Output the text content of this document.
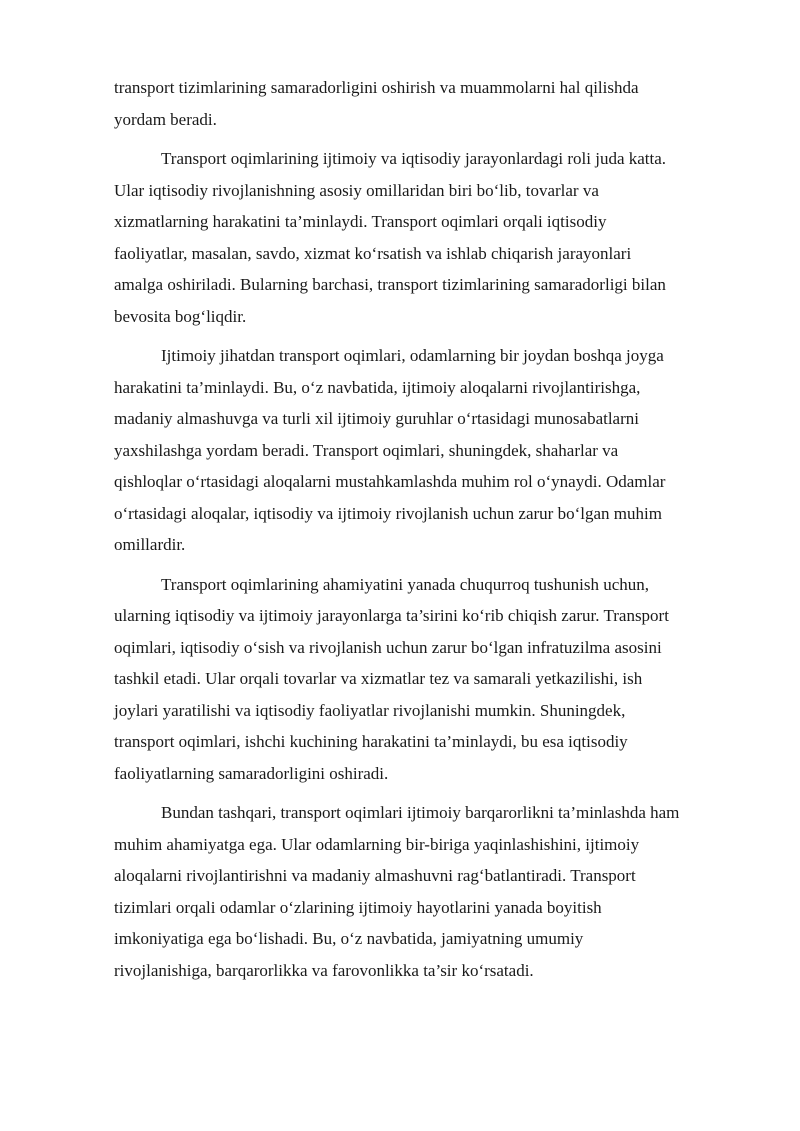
transport tizimlarining samaradorligini oshirish va muammolarni hal qilishda
yordam beradi.

Transport oqimlarining ijtimoiy va iqtisodiy jarayonlardagi roli juda katta.
Ular iqtisodiy rivojlanishning asosiy omillaridan biri bo‘lib, tovarlar va
xizmatlarning harakatini ta’minlaydi. Transport oqimlari orqali iqtisodiy
faoliyatlar, masalan, savdo, xizmat ko‘rsatish va ishlab chiqarish jarayonlari
amalga oshiriladi. Bularning barchasi, transport tizimlarining samaradorligi bilan
bevosita bog‘liqdir.

Ijtimoiy jihatdan transport oqimlari, odamlarning bir joydan boshqa joyga
harakatini ta’minlaydi. Bu, o‘z navbatida, ijtimoiy aloqalarni rivojlantirishga,
madaniy almashuvga va turli xil ijtimoiy guruhlar o‘rtasidagi munosabatlarni
yaxshilashga yordam beradi. Transport oqimlari, shuningdek, shaharlar va
qishloqlar o‘rtasidagi aloqalarni mustahkamlashda muhim rol o‘ynaydi. Odamlar
o‘rtasidagi aloqalar, iqtisodiy va ijtimoiy rivojlanish uchun zarur bo‘lgan muhim
omillardir.

Transport oqimlarining ahamiyatini yanada chuqurroq tushunish uchun,
ularning iqtisodiy va ijtimoiy jarayonlarga ta’sirini ko‘rib chiqish zarur. Transport
oqimlari, iqtisodiy o‘sish va rivojlanish uchun zarur bo‘lgan infratuzilma asosini
tashkil etadi. Ular orqali tovarlar va xizmatlar tez va samarali yetkazilishi, ish
joylari yaratilishi va iqtisodiy faoliyatlar rivojlanishi mumkin. Shuningdek,
transport oqimlari, ishchi kuchining harakatini ta’minlaydi, bu esa iqtisodiy
faoliyatlarning samaradorligini oshiradi.

Bundan tashqari, transport oqimlari ijtimoiy barqarorlikni ta’minlashda ham
muhim ahamiyatga ega. Ular odamlarning bir-biriga yaqinlashishini, ijtimoiy
aloqalarni rivojlantirishni va madaniy almashuvni rag‘batlantiradi. Transport
tizimlari orqali odamlar o‘zlarining ijtimoiy hayotlarini yanada boyitish
imkoniyatiga ega bo‘lishadi. Bu, o‘z navbatida, jamiyatning umumiy
rivojlanishiga, barqarorlikka va farovonlikka ta’sir ko‘rsatadi.
